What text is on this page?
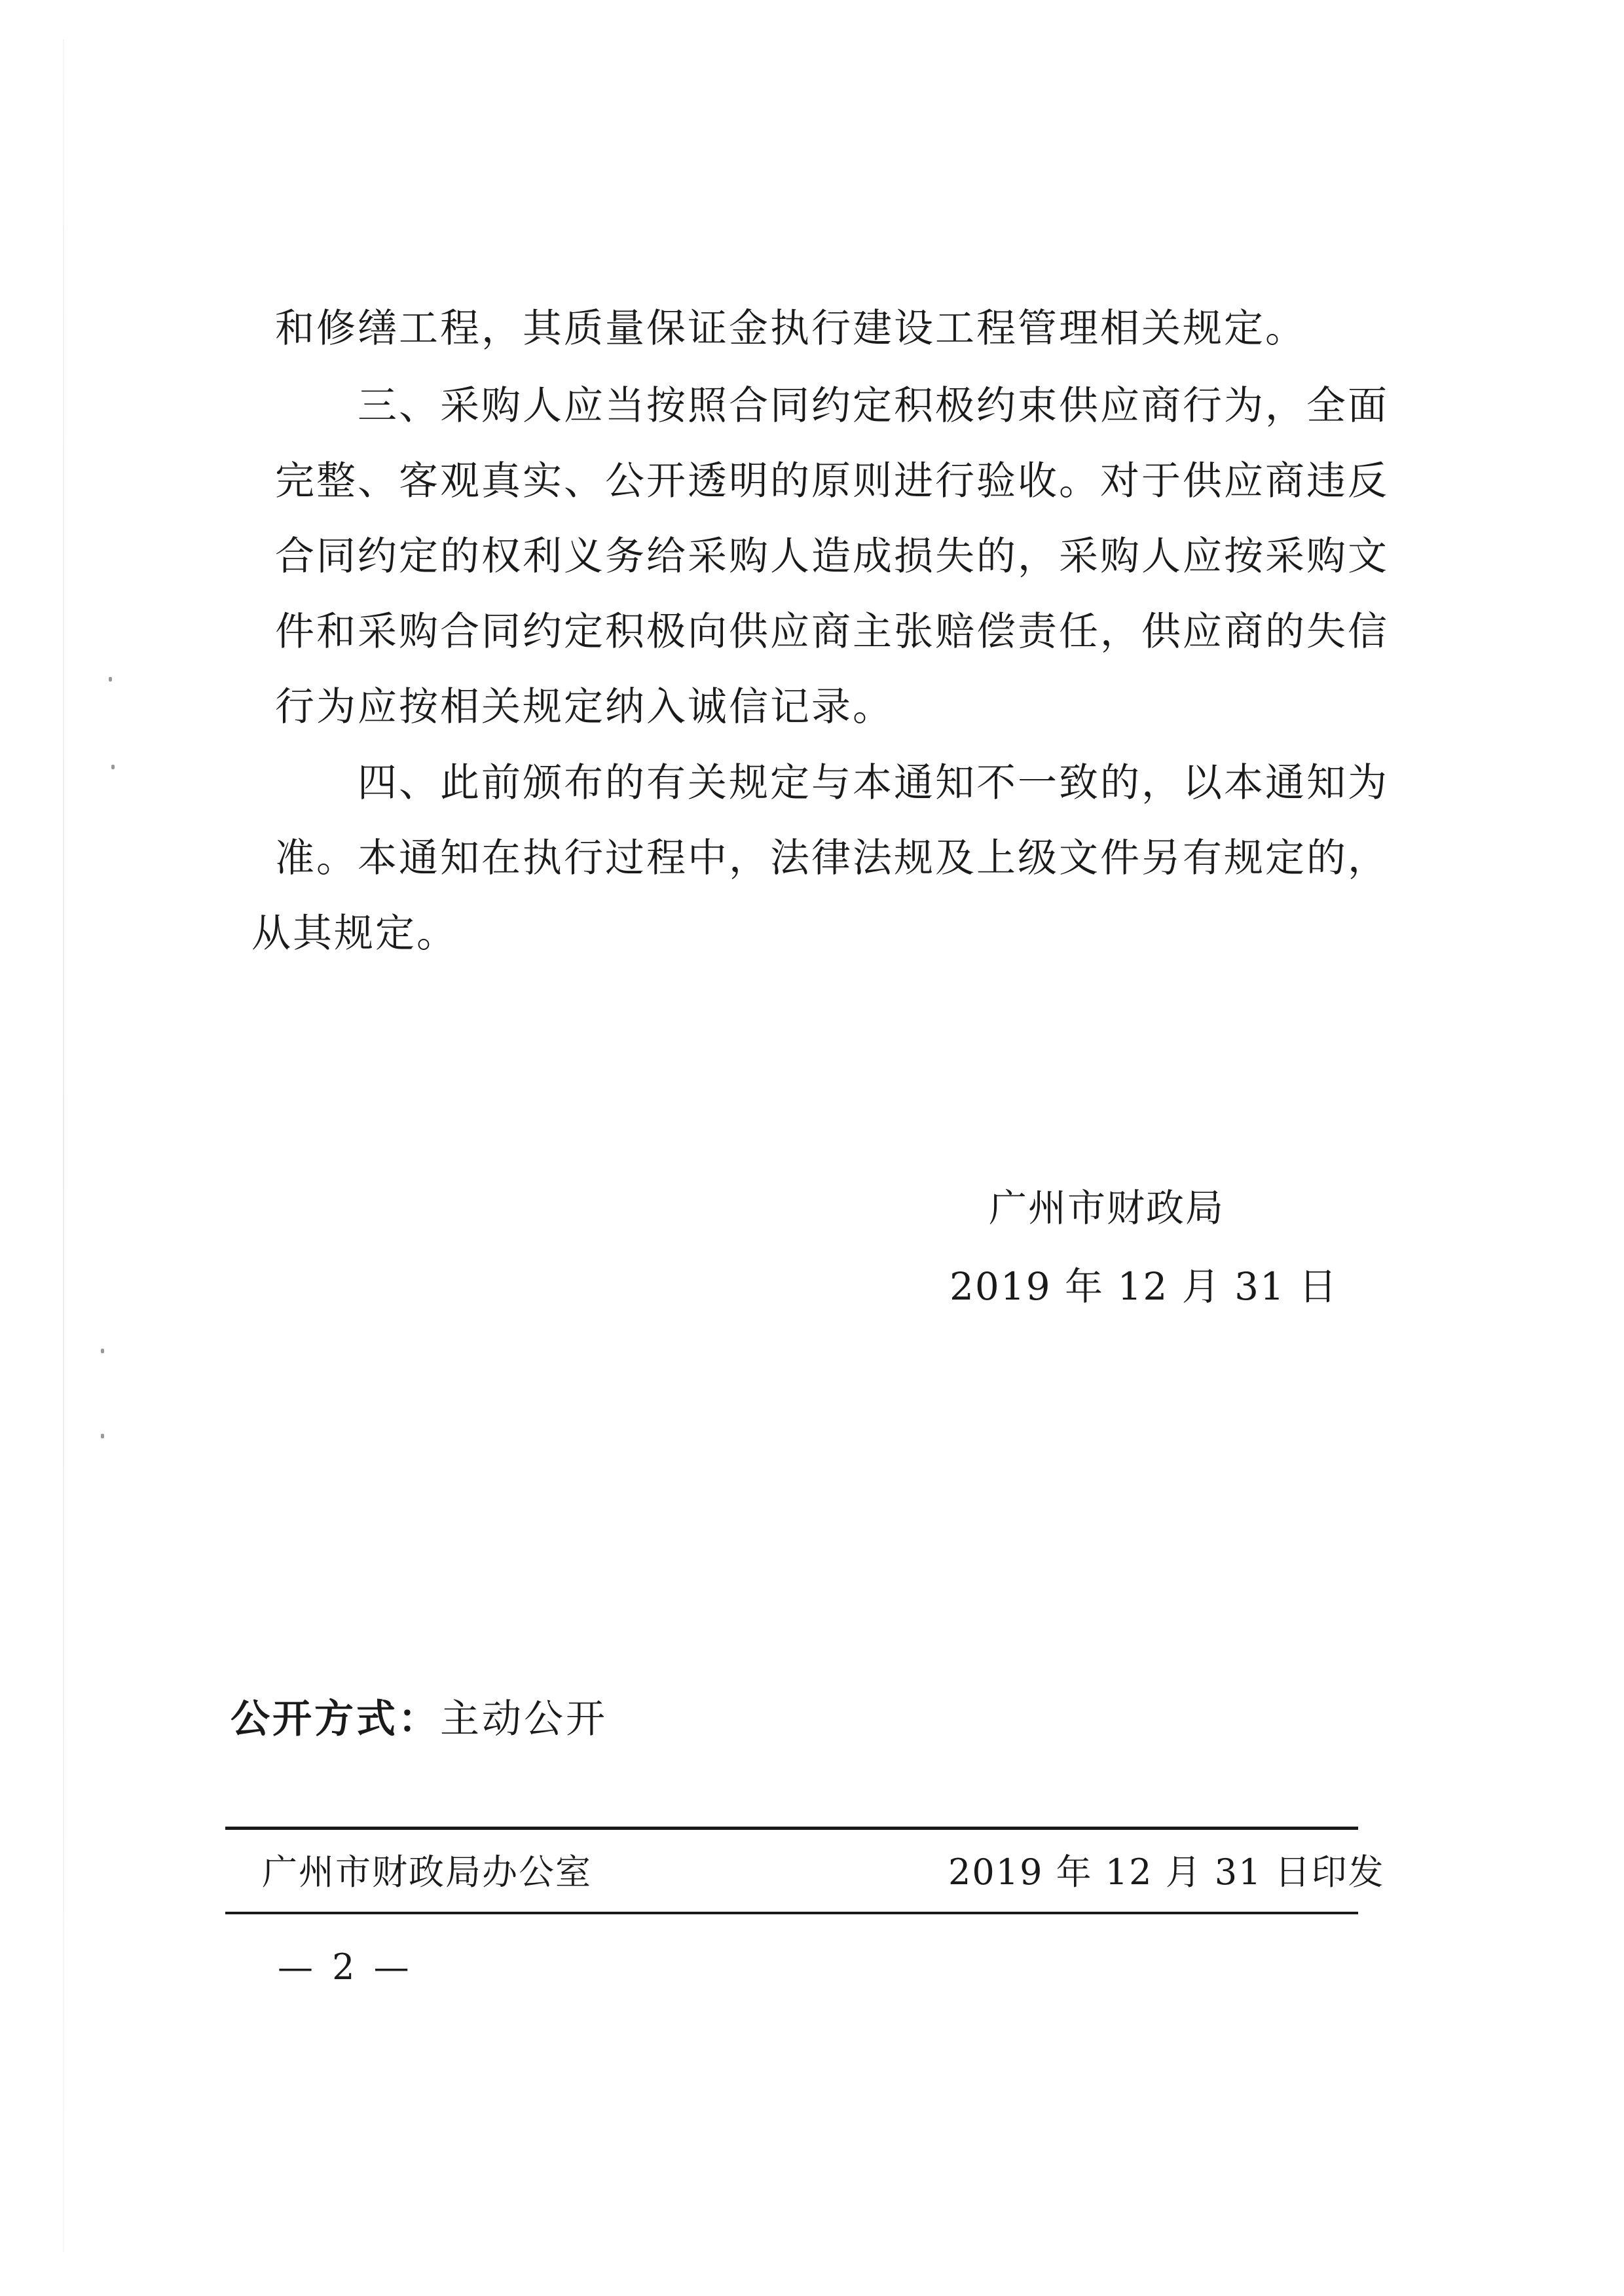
和修缮工程，其质量保证金执行建设工程管理相关规定。
三、采购人应当按照合同约定积极约束供应商行为，全面
完整、客观真实、公开透明的原则进行验收。对于供应商违反
合同约定的权利义务给采购人造成损失的，采购人应按采购文
件和采购合同约定积极向供应商主张赔偿责任，供应商的失信
行为应按相关规定纳入诚信记录。
四、此前颁布的有关规定与本通知不一致的，以本通知为
准。本通知在执行过程中，法律法规及上级文件另有规定的，
从其规定。
广州市财政局
2019 年 12 月 31 日
公开方式：主动公开
广州市财政局办公室	2019 年 12 月 31 日印发
— 2 —
